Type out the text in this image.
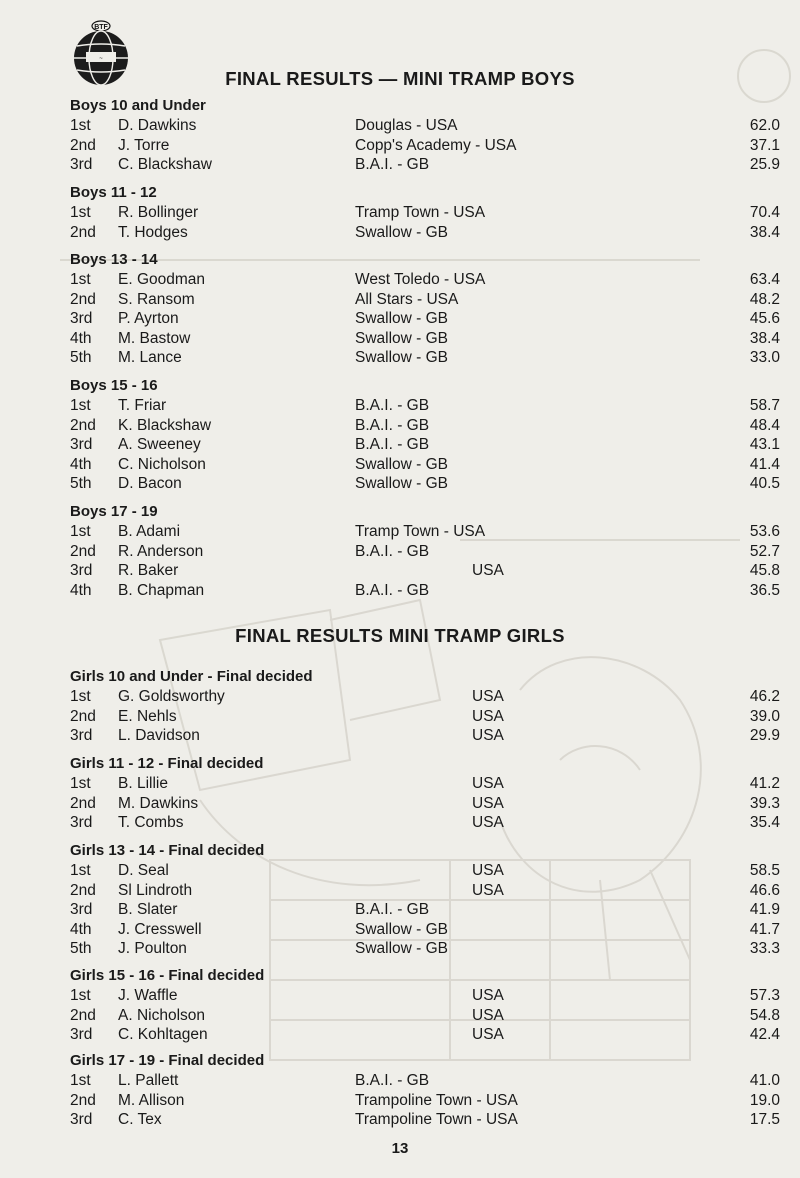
BTF
~
FINAL RESULTS — MINI TRAMP BOYS
Boys 10 and Under
1st D. Dawkins	Douglas - USA	62.0
2nd J. Torre	Copp's Academy - USA	37.1
3rd C. Blackshaw	B.A.I. - GB	25.9
Boys 11 - 12
1st R. Bollinger	Tramp Town - USA	70.4
2nd T. Hodges	Swallow - GB	38.4
Boys 13 - 14
1st E. Goodman	West Toledo - USA	63.4
2nd S. Ransom	All Stars - USA	48.2
3rd P. Ayrton	Swallow - GB	45.6
4th M. Bastow	Swallow - GB	38.4
5th M. Lance	Swallow - GB	33.0
Boys 15 - 16
1st T. Friar	B.A.I. - GB	58.7
2nd K. Blackshaw	B.A.I. - GB	48.4
3rd A. Sweeney	B.A.I. - GB	43.1
4th C. Nicholson	Swallow - GB	41.4
5th D. Bacon	Swallow - GB	40.5
Boys 17 - 19
1st B. Adami	Tramp Town - USA	53.6
2nd R. Anderson	B.A.I. - GB	52.7
3rd R. Baker	USA	45.8
4th B. Chapman	B.A.I. - GB	36.5
FINAL RESULTS MINI TRAMP GIRLS
Girls 10 and Under - Final decided
1st G. Goldsworthy	USA	46.2
2nd E. Nehls	USA	39.0
3rd L. Davidson	USA	29.9
Girls 11 - 12 - Final decided
1st B. Lillie	USA	41.2
2nd M. Dawkins	USA	39.3
3rd T. Combs	USA	35.4
Girls 13 - 14 - Final decided
1st D. Seal	USA	58.5
2nd Sl Lindroth	USA	46.6
3rd B. Slater	B.A.I. - GB	41.9
4th J. Cresswell	Swallow - GB	41.7
5th J. Poulton	Swallow - GB	33.3
Girls 15 - 16 - Final decided
1st J. Waffle	USA	57.3
2nd A. Nicholson	USA	54.8
3rd C. Kohltagen	USA	42.4
Girls 17 - 19 - Final decided
1st L. Pallett	B.A.I. - GB	41.0
2nd M. Allison	Trampoline Town - USA	19.0
3rd C. Tex	Trampoline Town - USA	17.5
13
